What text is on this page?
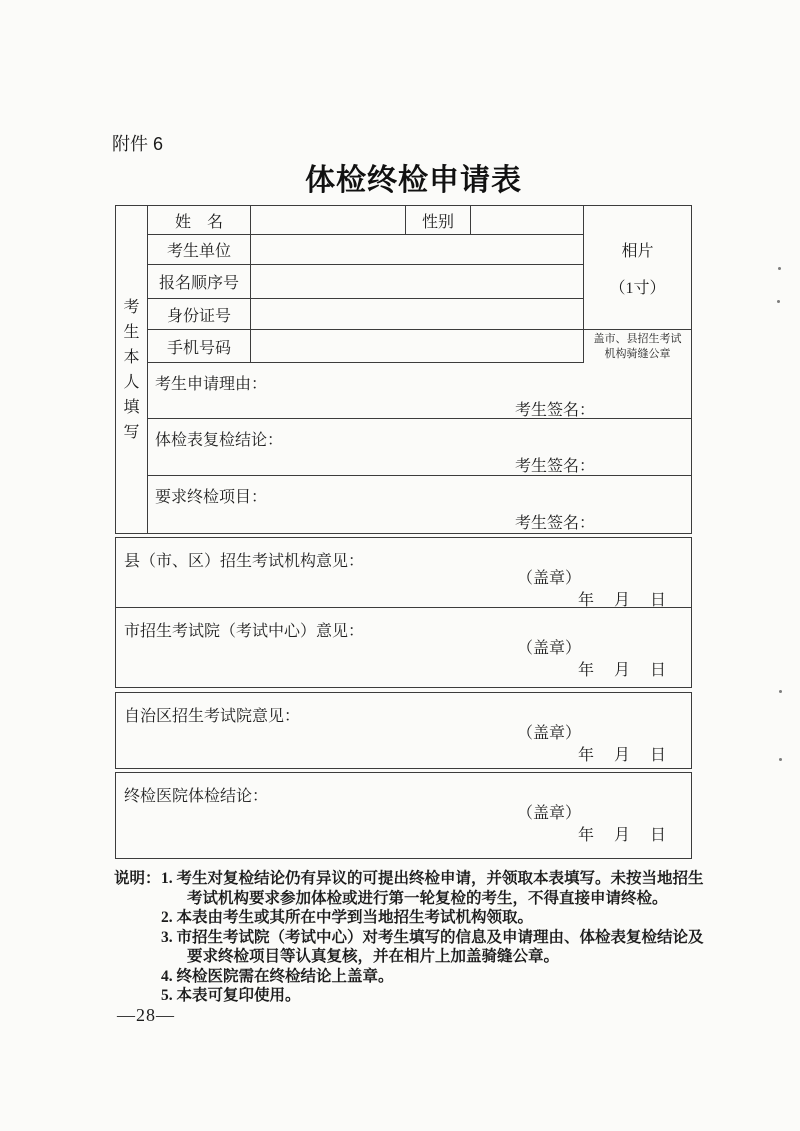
附件 6
体检终检申请表
考生本人填写
姓　名	性别
考生单位
报名顺序号
身份证号
手机号码
相片
（1寸）
盖市、县招生考试机构骑缝公章
考生申请理由：
考生签名：
体检表复检结论：
考生签名：
要求终检项目：
考生签名：
县（市、区）招生考试机构意见：
（盖章）
年　月　日
市招生考试院（考试中心）意见：
（盖章）
年　月　日
自治区招生考试院意见：
（盖章）
年　月　日
终检医院体检结论：
（盖章）
年　月　日
说明： 1. 考生对复检结论仍有异议的可提出终检申请，并领取本表填写。未按当地招生考试机构要求参加体检或进行第一轮复检的考生，不得直接申请终检。
2. 本表由考生或其所在中学到当地招生考试机构领取。
3. 市招生考试院（考试中心）对考生填写的信息及申请理由、体检表复检结论及要求终检项目等认真复核，并在相片上加盖骑缝公章。
4. 终检医院需在终检结论上盖章。
5. 本表可复印使用。
—28—
